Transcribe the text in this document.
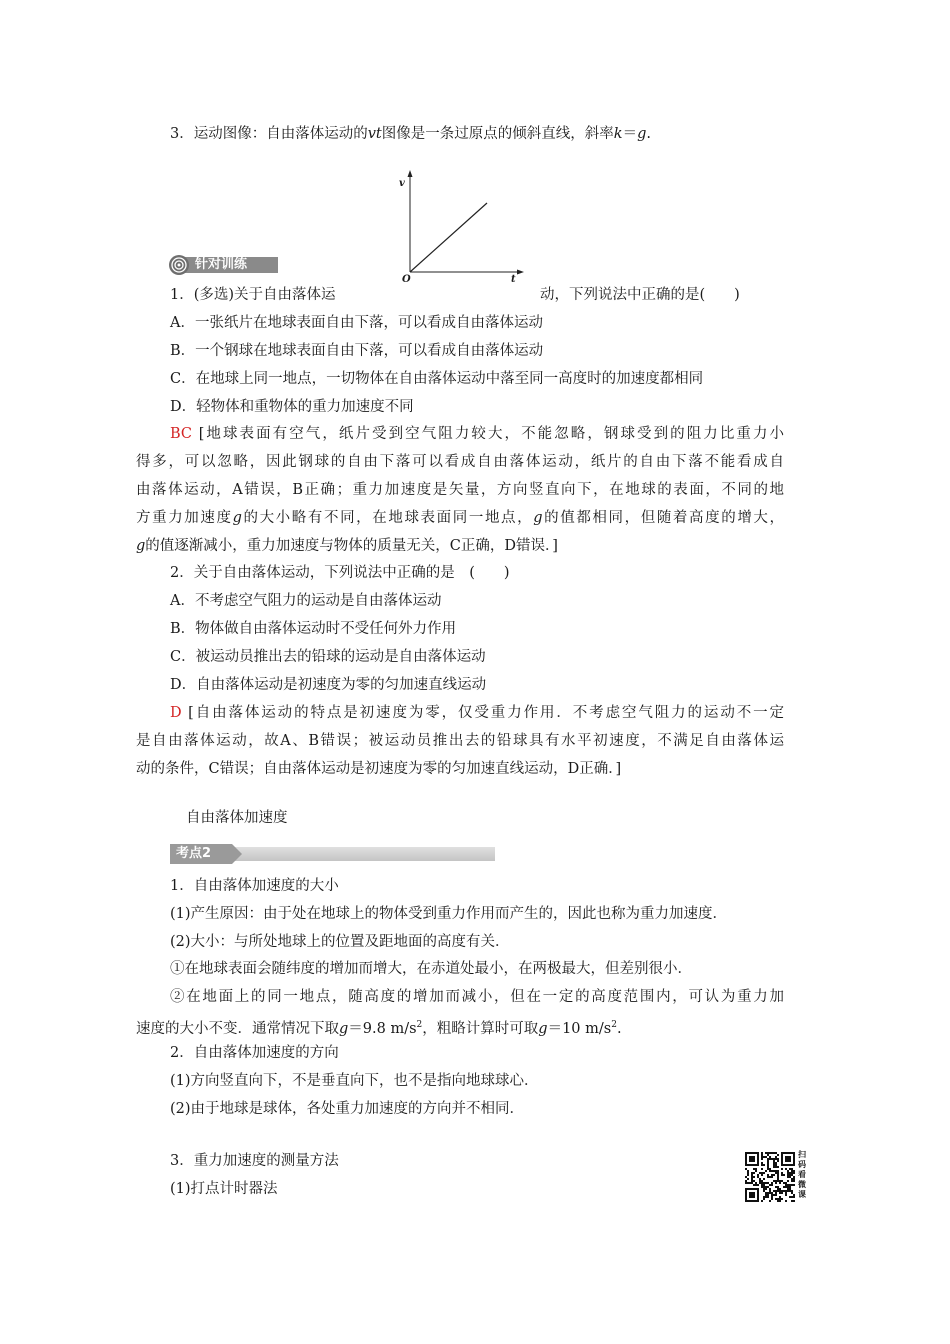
3．运动图像：自由落体运动的vt图像是一条过原点的倾斜直线，斜率k＝g.
v
t
O
针对训练
1．(多选)关于自由落体运	动，下列说法中正确的是(　　)
A．一张纸片在地球表面自由下落，可以看成自由落体运动
B．一个钢球在地球表面自由下落，可以看成自由落体运动
C．在地球上同一地点，一切物体在自由落体运动中落至同一高度时的加速度都相同
D．轻物体和重物体的重力加速度不同
BC [地球表面有空气，纸片受到空气阻力较大，不能忽略，钢球受到的阻力比重力小
得多，可以忽略，因此钢球的自由下落可以看成自由落体运动，纸片的自由下落不能看成自
由落体运动，A错误，B正确；重力加速度是矢量，方向竖直向下，在地球的表面，不同的地
方重力加速度g的大小略有不同，在地球表面同一地点，g的值都相同，但随着高度的增大，
g的值逐渐减小，重力加速度与物体的质量无关，C正确，D错误．]
2．关于自由落体运动，下列说法中正确的是　(　　)
A．不考虑空气阻力的运动是自由落体运动
B．物体做自由落体运动时不受任何外力作用
C．被运动员推出去的铅球的运动是自由落体运动
D．自由落体运动是初速度为零的匀加速直线运动
D [自由落体运动的特点是初速度为零，仅受重力作用．不考虑空气阻力的运动不一定
是自由落体运动，故A、B错误；被运动员推出去的铅球具有水平初速度，不满足自由落体运
动的条件，C错误；自由落体运动是初速度为零的匀加速直线运动，D正确．]
自由落体加速度
考点2
1．自由落体加速度的大小
(1)产生原因：由于处在地球上的物体受到重力作用而产生的，因此也称为重力加速度．
(2)大小：与所处地球上的位置及距地面的高度有关．
①在地球表面会随纬度的增加而增大，在赤道处最小，在两极最大，但差别很小．
②在地面上的同一地点，随高度的增加而减小，但在一定的高度范围内，可认为重力加
速度的大小不变．通常情况下取g＝9.8 $m/s^2$，粗略计算时可取g＝10 $m/s^2$.
2．自由落体加速度的方向
(1)方向竖直向下，不是垂直向下，也不是指向地球球心．
(2)由于地球是球体，各处重力加速度的方向并不相同．
3．重力加速度的测量方法
(1)打点计时器法
扫码看微课
